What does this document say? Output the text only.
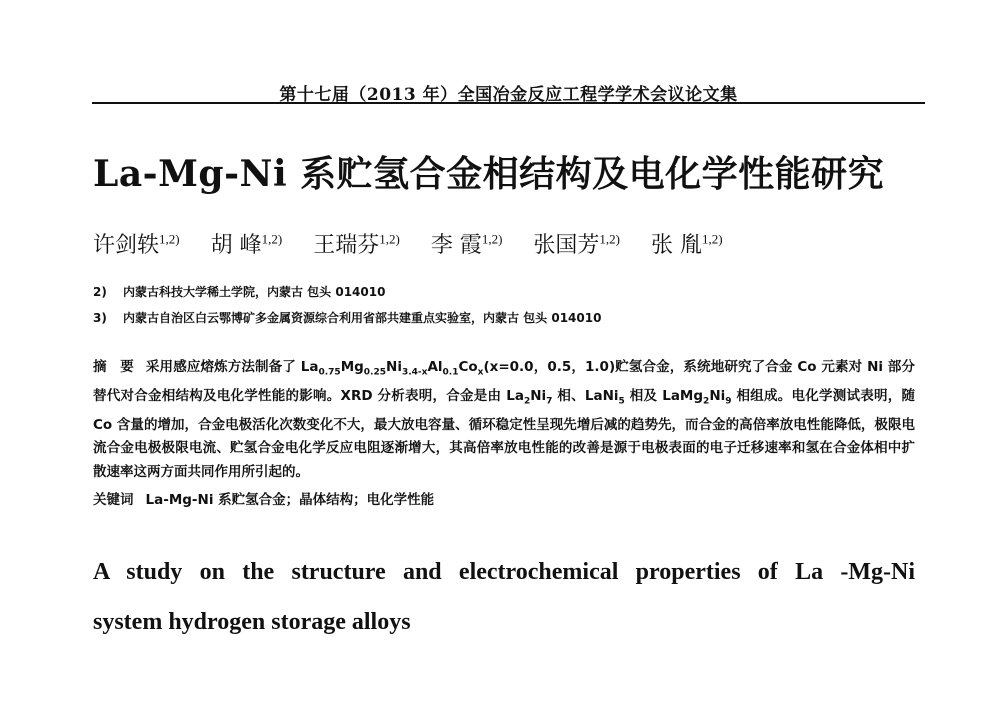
第十七届（2013 年）全国冶金反应工程学学术会议论文集
La-Mg-Ni 系贮氢合金相结构及电化学性能研究
许剑轶$^{1,2)}$ 胡 峰$^{1,2)}$ 王瑞芬$^{1,2)}$ 李 霞$^{1,2)}$ 张国芳$^{1,2)}$ 张 胤$^{1,2)}$
2) 内蒙古科技大学稀土学院，内蒙古 包头 014010
3) 内蒙古自治区白云鄂博矿多金属资源综合利用省部共建重点实验室，内蒙古 包头 014010
摘　要 采用感应熔炼方法制备了 $La_{0.75}Mg_{0.25}Ni_{3.4-x}Al_{0.1}Co_x(x=0.0$，0.5，1.0)贮氢合金，系统地研究了合金 Co 元素对 Ni 部分替代对合金相结构及电化学性能的影响。XRD 分析表明，合金是由 $La_2Ni_7$ 相、LaNi$_5$ 相及 $LaMg_2Ni_9$ 相组成。电化学测试表明，随 Co 含量的增加，合金电极活化次数变化不大，最大放电容量、循环稳定性呈现先增后减的趋势先，而合金的高倍率放电性能降低，极限电流合金电极极限电流、贮氢合金电化学反应电阻逐渐增大，其高倍率放电性能的改善是源于电极表面的电子迁移速率和氢在合金体相中扩散速率这两方面共同作用所引起的。
关键词 La-Mg-Ni 系贮氢合金；晶体结构；电化学性能
A study on the structure and electrochemical properties of La -Mg-Ni
system hydrogen storage alloys
